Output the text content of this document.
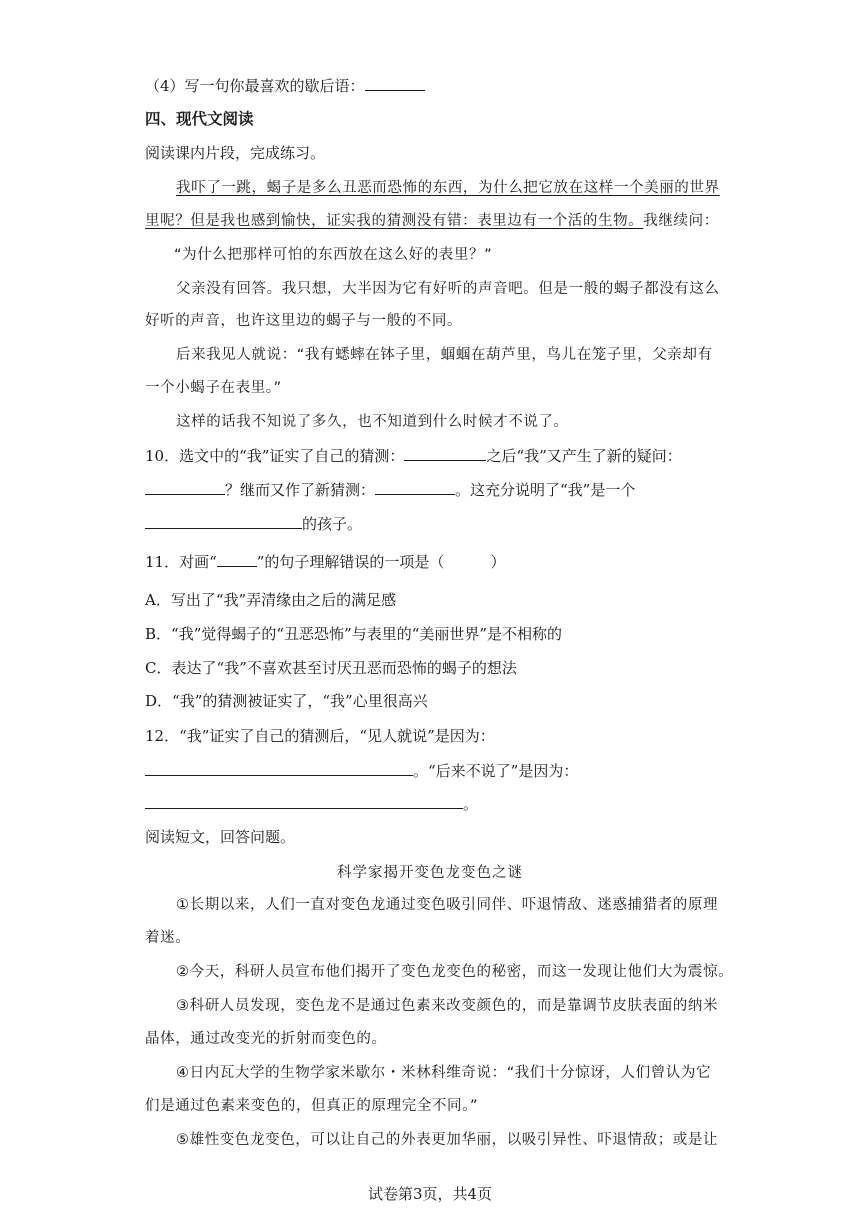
（4）写一句你最喜欢的歇后语：
四、现代文阅读
阅读课内片段，完成练习。
我吓了一跳，蝎子是多么丑恶而恐怖的东西，为什么把它放在这样一个美丽的世界
里呢？但是我也感到愉快，证实我的猜测没有错：表里边有一个活的生物。我继续问：
“为什么把那样可怕的东西放在这么好的表里？”
父亲没有回答。我只想，大半因为它有好听的声音吧。但是一般的蝎子都没有这么
好听的声音，也许这里边的蝎子与一般的不同。
后来我见人就说：“我有蟋蟀在钵子里，蝈蝈在葫芦里，鸟儿在笼子里，父亲却有
一个小蝎子在表里。”
这样的话我不知说了多久，也不知道到什么时候才不说了。
10．选文中的“我”证实了自己的猜测：	之后“我”又产生了新的疑问：
？继而又作了新猜测：	。这充分说明了“我”是一个
的孩子。
11．对画“	”的句子理解错误的一项是（	）
A．写出了“我”弄清缘由之后的满足感
B．“我”觉得蝎子的“丑恶恐怖”与表里的“美丽世界”是不相称的
C．表达了“我”不喜欢甚至讨厌丑恶而恐怖的蝎子的想法
D．“我”的猜测被证实了，“我”心里很高兴
12．“我”证实了自己的猜测后，“见人就说”是因为：
。“后来不说了”是因为：
。
阅读短文，回答问题。
科学家揭开变色龙变色之谜
①长期以来，人们一直对变色龙通过变色吸引同伴、吓退情敌、迷惑捕猎者的原理
着迷。
②今天，科研人员宣布他们揭开了变色龙变色的秘密，而这一发现让他们大为震惊。
③科研人员发现，变色龙不是通过色素来改变颜色的，而是靠调节皮肤表面的纳米
晶体，通过改变光的折射而变色的。
④日内瓦大学的生物学家米歇尔・米林科维奇说：“我们十分惊讶，人们曾认为它
们是通过色素来变色的，但真正的原理完全不同。”
⑤雄性变色龙变色，可以让自己的外表更加华丽，以吸引异性、吓退情敌；或是让
试卷第3页，共4页
